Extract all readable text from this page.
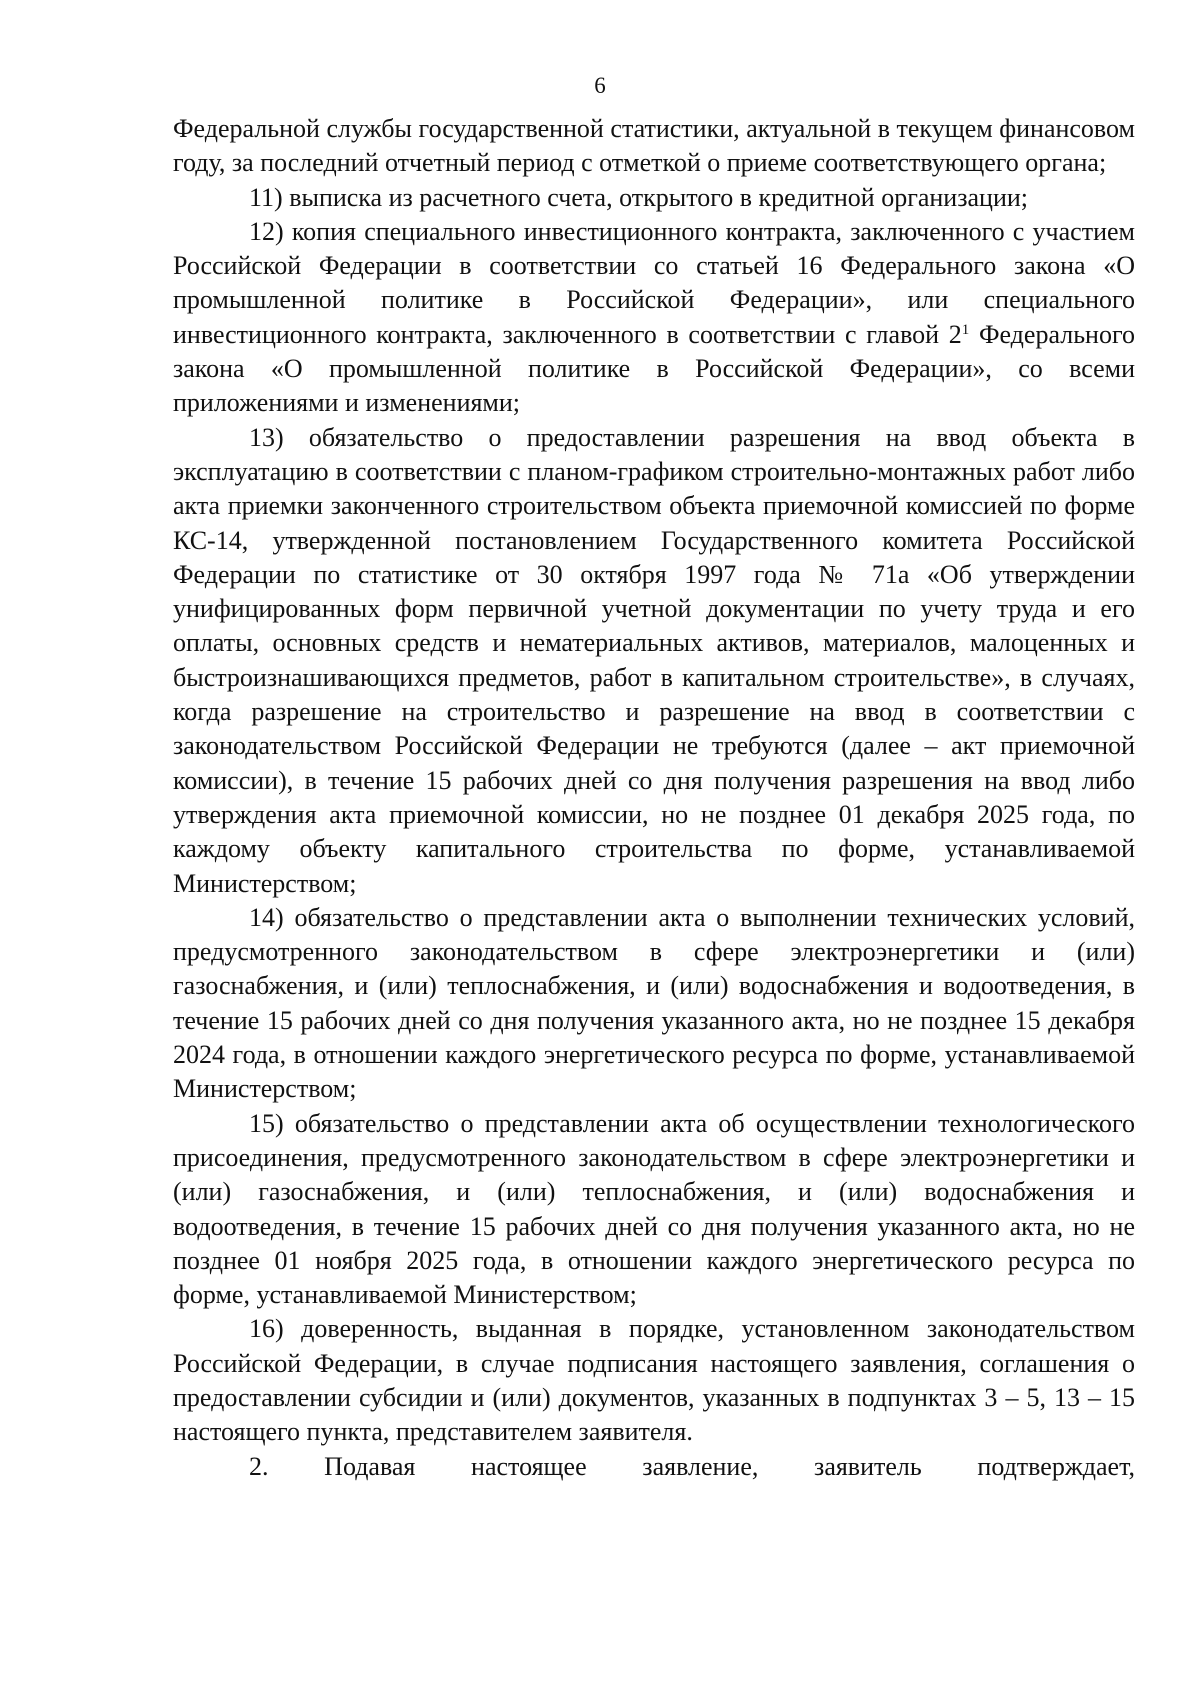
6

Федеральной службы государственной статистики, актуальной в текущем финансовом году, за последний отчетный период с отметкой о приеме соответствующего органа;

11) выписка из расчетного счета, открытого в кредитной организации;

12) копия специального инвестиционного контракта, заключенного с участием Российской Федерации в соответствии со статьей 16 Федерального закона «О промышленной политике в Российской Федерации», или специального инвестиционного контракта, заключенного в соответствии с главой $2^1$ Федерального закона «О промышленной политике в Российской Федерации», со всеми приложениями и изменениями;

13) обязательство о предоставлении разрешения на ввод объекта в эксплуатацию в соответствии с планом-графиком строительно-монтажных работ либо акта приемки законченного строительством объекта приемочной комиссией по форме КС-14, утвержденной постановлением Государственного комитета Российской Федерации по статистике от 30 октября 1997 года № 71а «Об утверждении унифицированных форм первичной учетной документации по учету труда и его оплаты, основных средств и нематериальных активов, материалов, малоценных и быстроизнашивающихся предметов, работ в капитальном строительстве», в случаях, когда разрешение на строительство и разрешение на ввод в соответствии с законодательством Российской Федерации не требуются (далее – акт приемочной комиссии), в течение 15 рабочих дней со дня получения разрешения на ввод либо утверждения акта приемочной комиссии, но не позднее 01 декабря 2025 года, по каждому объекту капитального строительства по форме, устанавливаемой Министерством;

14) обязательство о представлении акта о выполнении технических условий, предусмотренного законодательством в сфере электроэнергетики и (или) газоснабжения, и (или) теплоснабжения, и (или) водоснабжения и водоотведения, в течение 15 рабочих дней со дня получения указанного акта, но не позднее 15 декабря 2024 года, в отношении каждого энергетического ресурса по форме, устанавливаемой Министерством;

15) обязательство о представлении акта об осуществлении технологического присоединения, предусмотренного законодательством в сфере электроэнергетики и (или) газоснабжения, и (или) теплоснабжения, и (или) водоснабжения и водоотведения, в течение 15 рабочих дней со дня получения указанного акта, но не позднее 01 ноября 2025 года, в отношении каждого энергетического ресурса по форме, устанавливаемой Министерством;

16) доверенность, выданная в порядке, установленном законодательством Российской Федерации, в случае подписания настоящего заявления, соглашения о предоставлении субсидии и (или) документов, указанных в подпунктах 3 – 5, 13 – 15 настоящего пункта, представителем заявителя.

2. Подавая настоящее заявление, заявитель подтверждает,
